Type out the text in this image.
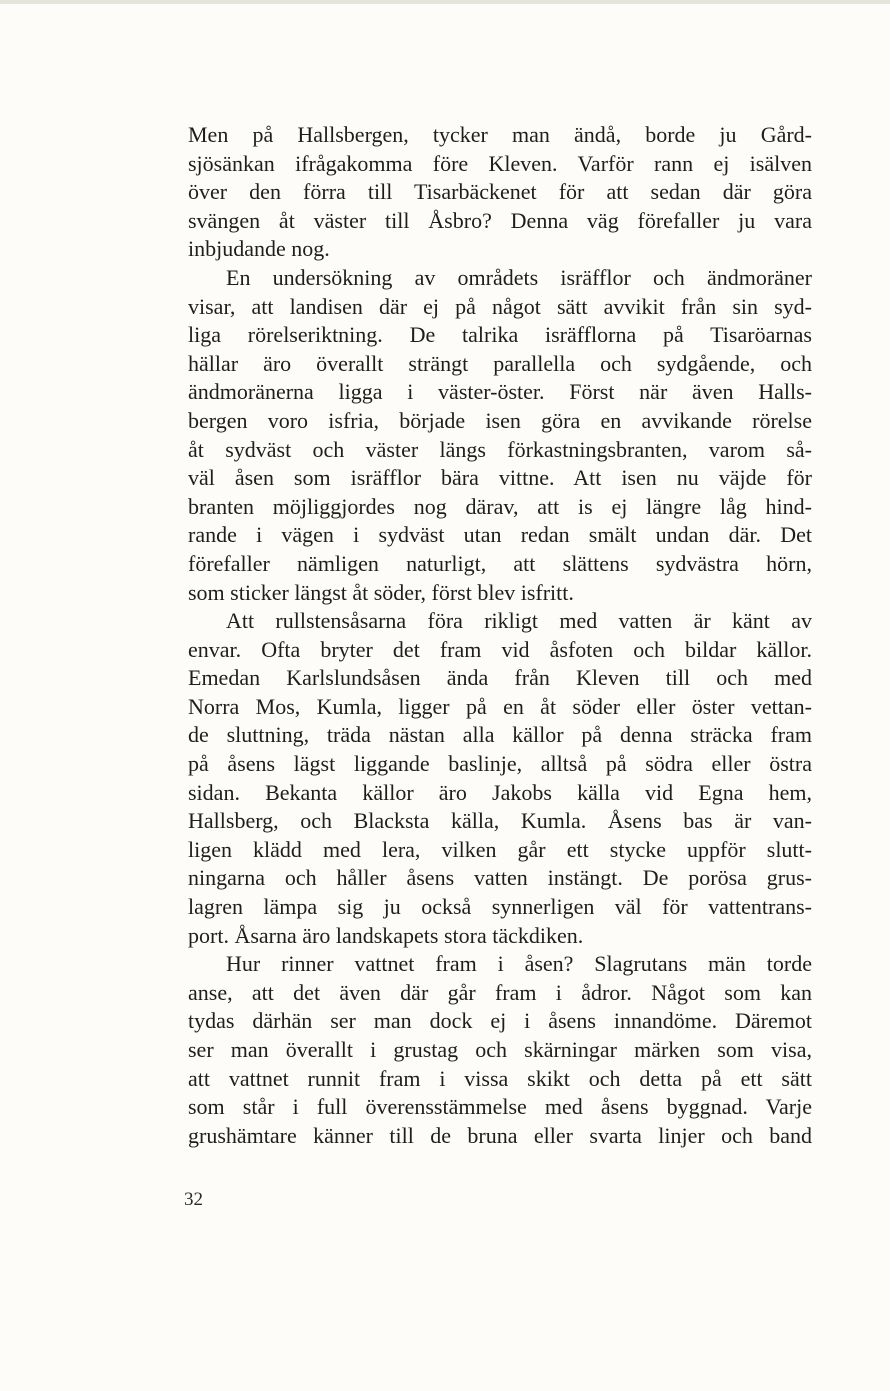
Men på Hallsbergen, tycker man ändå, borde ju Gård-
sjösänkan ifrågakomma före Kleven. Varför rann ej isälven
över den förra till Tisarbäckenet för att sedan där göra
svängen åt väster till Åsbro? Denna väg förefaller ju vara
inbjudande nog.
En undersökning av områdets isräfflor och ändmoräner
visar, att landisen där ej på något sätt avvikit från sin syd-
liga rörelseriktning. De talrika isräfflorna på Tisaröarnas
hällar äro överallt strängt parallella och sydgående, och
ändmoränerna ligga i väster-öster. Först när även Halls-
bergen voro isfria, började isen göra en avvikande rörelse
åt sydväst och väster längs förkastningsbranten, varom så-
väl åsen som isräfflor bära vittne. Att isen nu väjde för
branten möjliggjordes nog därav, att is ej längre låg hind-
rande i vägen i sydväst utan redan smält undan där. Det
förefaller nämligen naturligt, att slättens sydvästra hörn,
som sticker längst åt söder, först blev isfritt.
Att rullstensåsarna föra rikligt med vatten är känt av
envar. Ofta bryter det fram vid åsfoten och bildar källor.
Emedan Karlslundsåsen ända från Kleven till och med
Norra Mos, Kumla, ligger på en åt söder eller öster vettan-
de sluttning, träda nästan alla källor på denna sträcka fram
på åsens lägst liggande baslinje, alltså på södra eller östra
sidan. Bekanta källor äro Jakobs källa vid Egna hem,
Hallsberg, och Blacksta källa, Kumla. Åsens bas är van-
ligen klädd med lera, vilken går ett stycke uppför slutt-
ningarna och håller åsens vatten instängt. De porösa grus-
lagren lämpa sig ju också synnerligen väl för vattentrans-
port. Åsarna äro landskapets stora täckdiken.
Hur rinner vattnet fram i åsen? Slagrutans män torde
anse, att det även där går fram i ådror. Något som kan
tydas därhän ser man dock ej i åsens innandöme. Däremot
ser man överallt i grustag och skärningar märken som visa,
att vattnet runnit fram i vissa skikt och detta på ett sätt
som står i full överensstämmelse med åsens byggnad. Varje
grushämtare känner till de bruna eller svarta linjer och band
32
